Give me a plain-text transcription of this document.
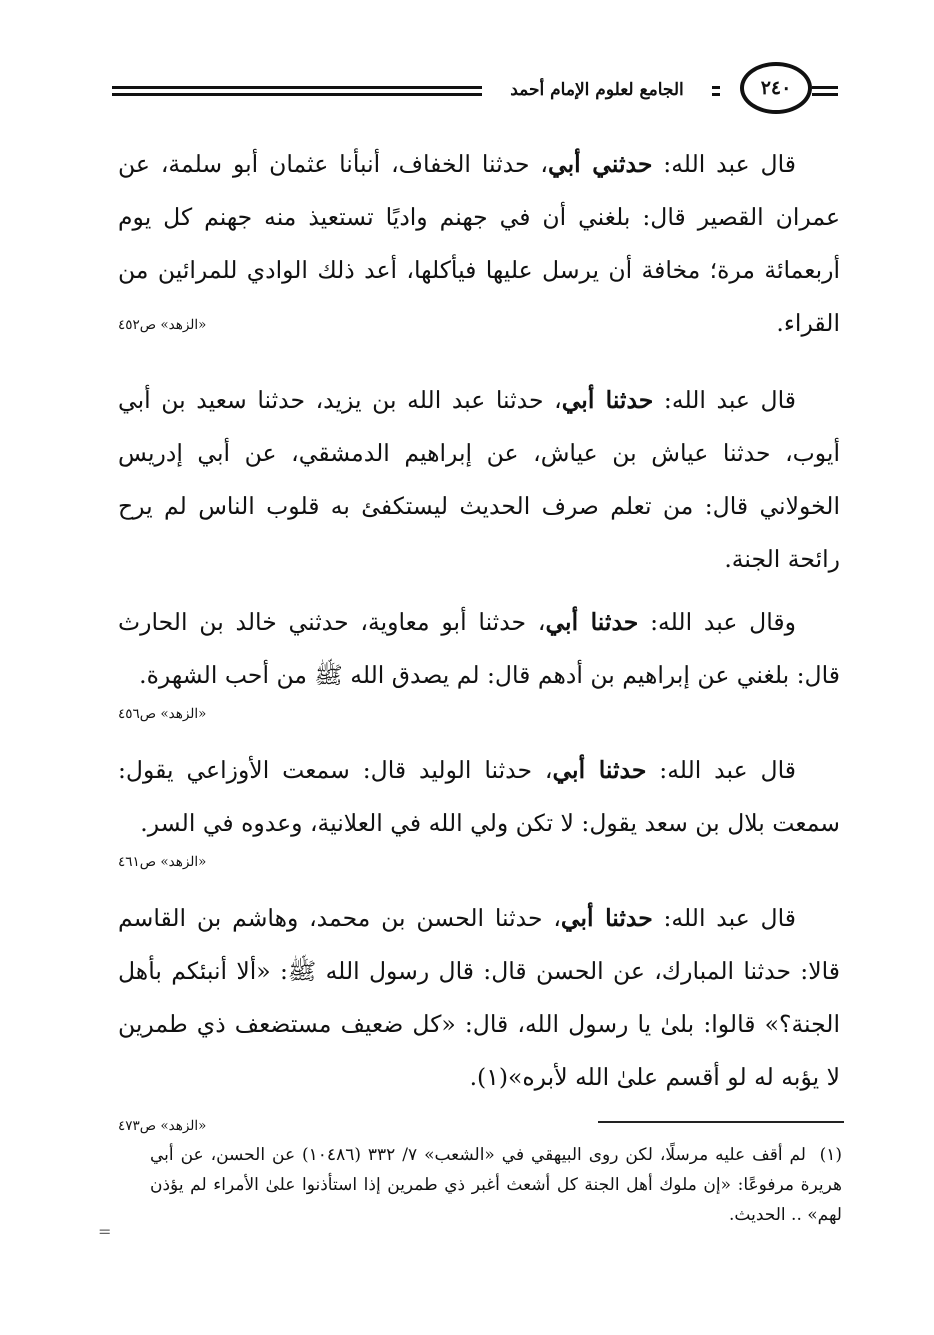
الجامع لعلوم الإمام أحمد	٢٤٠

قال عبد الله: حدثني أبي، حدثنا الخفاف، أنبأنا عثمان أبو سلمة، عن عمران القصير قال: بلغني أن في جهنم واديًا تستعيذ منه جهنم كل يوم أربعمائة مرة؛ مخافة أن يرسل عليها فيأكلها، أعد ذلك الوادي للمرائين من القراء.
«الزهد» ص٤٥٢

قال عبد الله: حدثنا أبي، حدثنا عبد الله بن يزيد، حدثنا سعيد بن أبي أيوب، حدثنا عياش بن عياش، عن إبراهيم الدمشقي، عن أبي إدريس الخولاني قال: من تعلم صرف الحديث ليستكفئ به قلوب الناس لم يرح رائحة الجنة.

وقال عبد الله: حدثنا أبي، حدثنا أبو معاوية، حدثني خالد بن الحارث قال: بلغني عن إبراهيم بن أدهم قال: لم يصدق الله ﷺ من أحب الشهرة.

«الزهد» ص٤٥٦

قال عبد الله: حدثنا أبي، حدثنا الوليد قال: سمعت الأوزاعي يقول: سمعت بلال بن سعد يقول: لا تكن ولي الله في العلانية، وعدوه في السر.

«الزهد» ص٤٦١

قال عبد الله: حدثنا أبي، حدثنا الحسن بن محمد، وهاشم بن القاسم قالا: حدثنا المبارك، عن الحسن قال: قال رسول الله ﷺ: «ألا أنبئكم بأهل الجنة؟» قالوا: بلىٰ يا رسول الله، قال: «كل ضعيف مستضعف ذي طمرين لا يؤبه له لو أقسم علىٰ الله لأبره»(١).

«الزهد» ص٤٧٣
(١)لم أقف عليه مرسلًا، لكن روى البيهقي في «الشعب» ٧/ ٣٣٢ (١٠٤٨٦) عن الحسن، عن أبي هريرة مرفوعًا: «إن ملوك أهل الجنة كل أشعث أغبر ذي طمرين إذا استأذنوا علىٰ الأمراء لم يؤذن لهم» .. الحديث.
=
